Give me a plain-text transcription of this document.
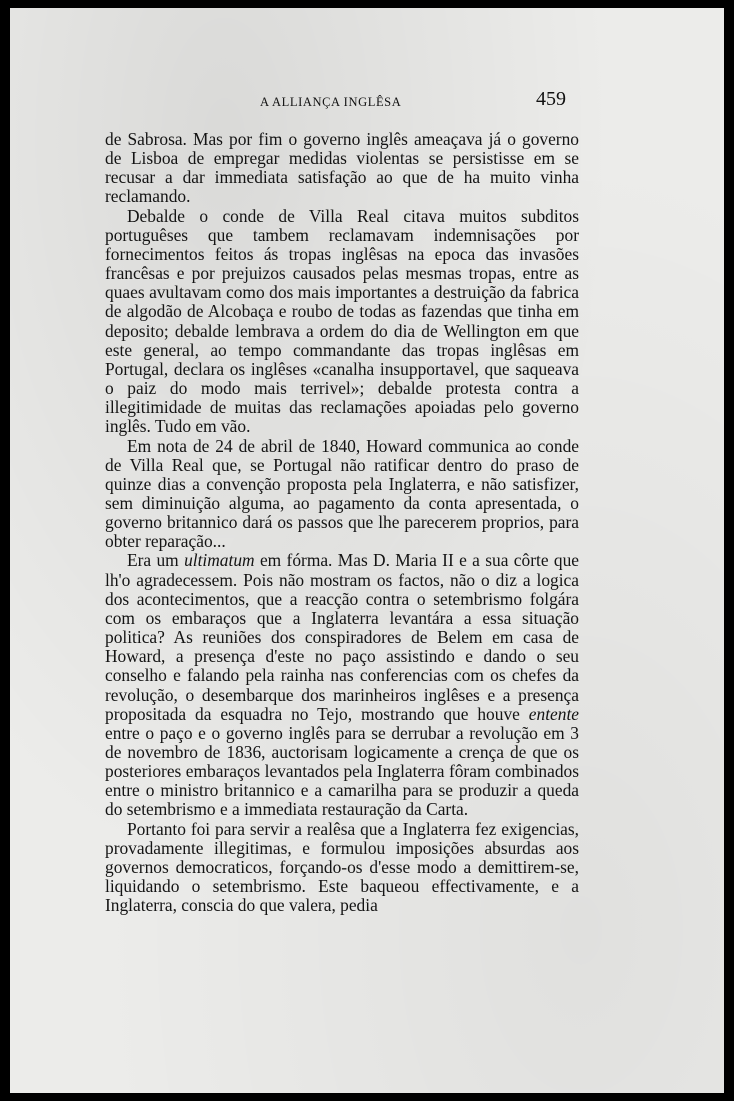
A ALLIANÇA INGLÊSA	459

de Sabrosa. Mas por fim o governo inglês ameaçava já o governo de Lisboa de empregar medidas violentas se persistisse em se recusar a dar immediata satisfação ao que de ha muito vinha reclamando.

Debalde o conde de Villa Real citava muitos subditos portuguêses que tambem reclamavam indemnisações por fornecimentos feitos ás tropas inglêsas na epoca das invasões francêsas e por prejuizos causados pelas mesmas tropas, entre as quaes avultavam como dos mais importantes a destruição da fabrica de algodão de Alcobaça e roubo de todas as fazendas que tinha em deposito; debalde lembrava a ordem do dia de Wellington em que este general, ao tempo commandante das tropas inglêsas em Portugal, declara os inglêses «canalha insupportavel, que saqueava o paiz do modo mais terrivel»; debalde protesta contra a illegitimidade de muitas das reclamações apoiadas pelo governo inglês. Tudo em vão.

Em nota de 24 de abril de 1840, Howard communica ao conde de Villa Real que, se Portugal não ratificar dentro do praso de quinze dias a convenção proposta pela Inglaterra, e não satisfizer, sem diminuição alguma, ao pagamento da conta apresentada, o governo britannico dará os passos que lhe parecerem proprios, para obter reparação...

Era um ultimatum em fórma. Mas D. Maria II e a sua côrte que lh'o agradecessem. Pois não mostram os factos, não o diz a logica dos acontecimentos, que a reacção contra o setembrismo folgára com os embaraços que a Inglaterra levantára a essa situação politica? As reuniões dos conspiradores de Belem em casa de Howard, a presença d'este no paço assistindo e dando o seu conselho e falando pela rainha nas conferencias com os chefes da revolução, o desembarque dos marinheiros inglêses e a presença propositada da esquadra no Tejo, mostrando que houve entente entre o paço e o governo inglês para se derrubar a revolução em 3 de novembro de 1836, auctorisam logicamente a crença de que os posteriores embaraços levantados pela Inglaterra fôram combinados entre o ministro britannico e a camarilha para se produzir a queda do setembrismo e a immediata restauração da Carta.

Portanto foi para servir a realêsa que a Inglaterra fez exigencias, provadamente illegitimas, e formulou imposições absurdas aos governos democraticos, forçando-os d'esse modo a demittirem-se, liquidando o setembrismo. Este baqueou effectivamente, e a Inglaterra, conscia do que valera, pedia
